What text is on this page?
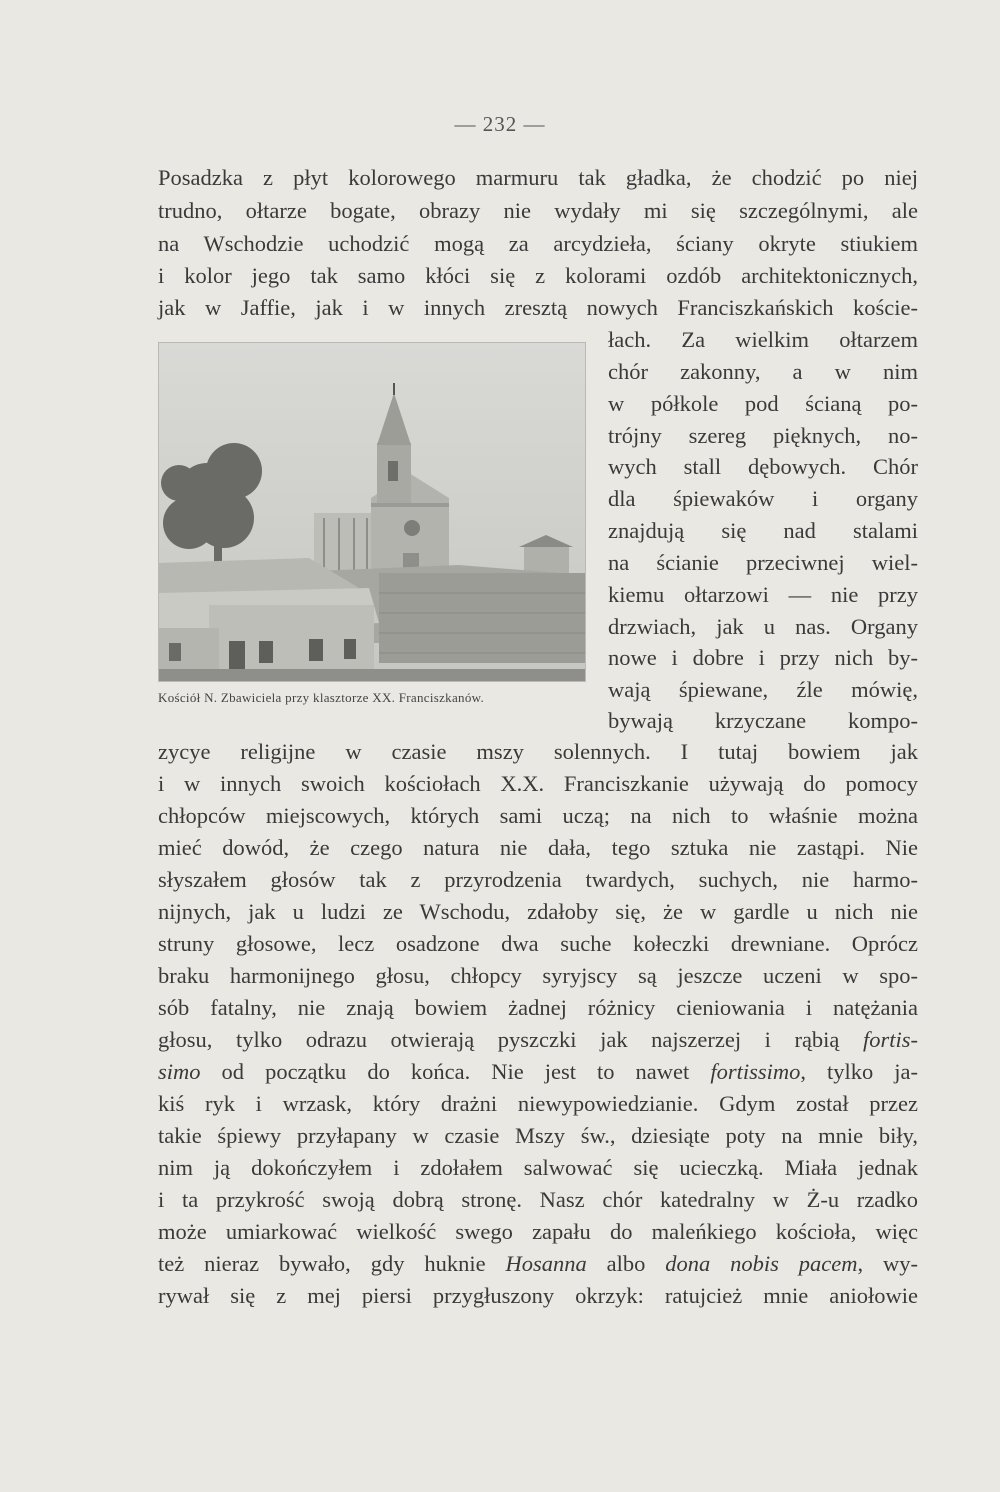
— 232 —
Posadzka z płyt kolorowego marmuru tak gładka, że chodzić po niej
trudno, ołtarze bogate, obrazy nie wydały mi się szczególnymi, ale
na Wschodzie uchodzić mogą za arcydzieła, ściany okryte stiukiem
i kolor jego tak samo kłóci się z kolorami ozdób architektonicznych,
jak w Jaffie, jak i w innych zresztą nowych Franciszkańskich koście-
Kościół N. Zbawiciela przy klasztorze XX. Franciszkanów.
łach. Za wielkim ołtarzem
chór zakonny, a w nim
w półkole pod ścianą po-
trójny szereg pięknych, no-
wych stall dębowych. Chór
dla śpiewaków i organy
znajdują się nad stalami
na ścianie przeciwnej wiel-
kiemu ołtarzowi — nie przy
drzwiach, jak u nas. Organy
nowe i dobre i przy nich by-
wają śpiewane, źle mówię,
bywają krzyczane kompo-
zycye religijne w czasie mszy solennych. I tutaj bowiem jak
i w innych swoich kościołach X.X. Franciszkanie używają do pomocy
chłopców miejscowych, których sami uczą; na nich to właśnie można
mieć dowód, że czego natura nie dała, tego sztuka nie zastąpi. Nie
słyszałem głosów tak z przyrodzenia twardych, suchych, nie harmo-
nijnych, jak u ludzi ze Wschodu, zdałoby się, że w gardle u nich nie
struny głosowe, lecz osadzone dwa suche kołeczki drewniane. Oprócz
braku harmonijnego głosu, chłopcy syryjscy są jeszcze uczeni w spo-
sób fatalny, nie znają bowiem żadnej różnicy cieniowania i natężania
głosu, tylko odrazu otwierają pyszczki jak najszerzej i rąbią fortis-
simo od początku do końca. Nie jest to nawet fortissimo, tylko ja-
kiś ryk i wrzask, który drażni niewypowiedzianie. Gdym został przez
takie śpiewy przyłapany w czasie Mszy św., dziesiąte poty na mnie biły,
nim ją dokończyłem i zdołałem salwować się ucieczką. Miała jednak
i ta przykrość swoją dobrą stronę. Nasz chór katedralny w Ż-u rzadko
może umiarkować wielkość swego zapału do maleńkiego kościoła, więc
też nieraz bywało, gdy huknie Hosanna albo dona nobis pacem, wy-
rywał się z mej piersi przygłuszony okrzyk: ratujcież mnie aniołowie
